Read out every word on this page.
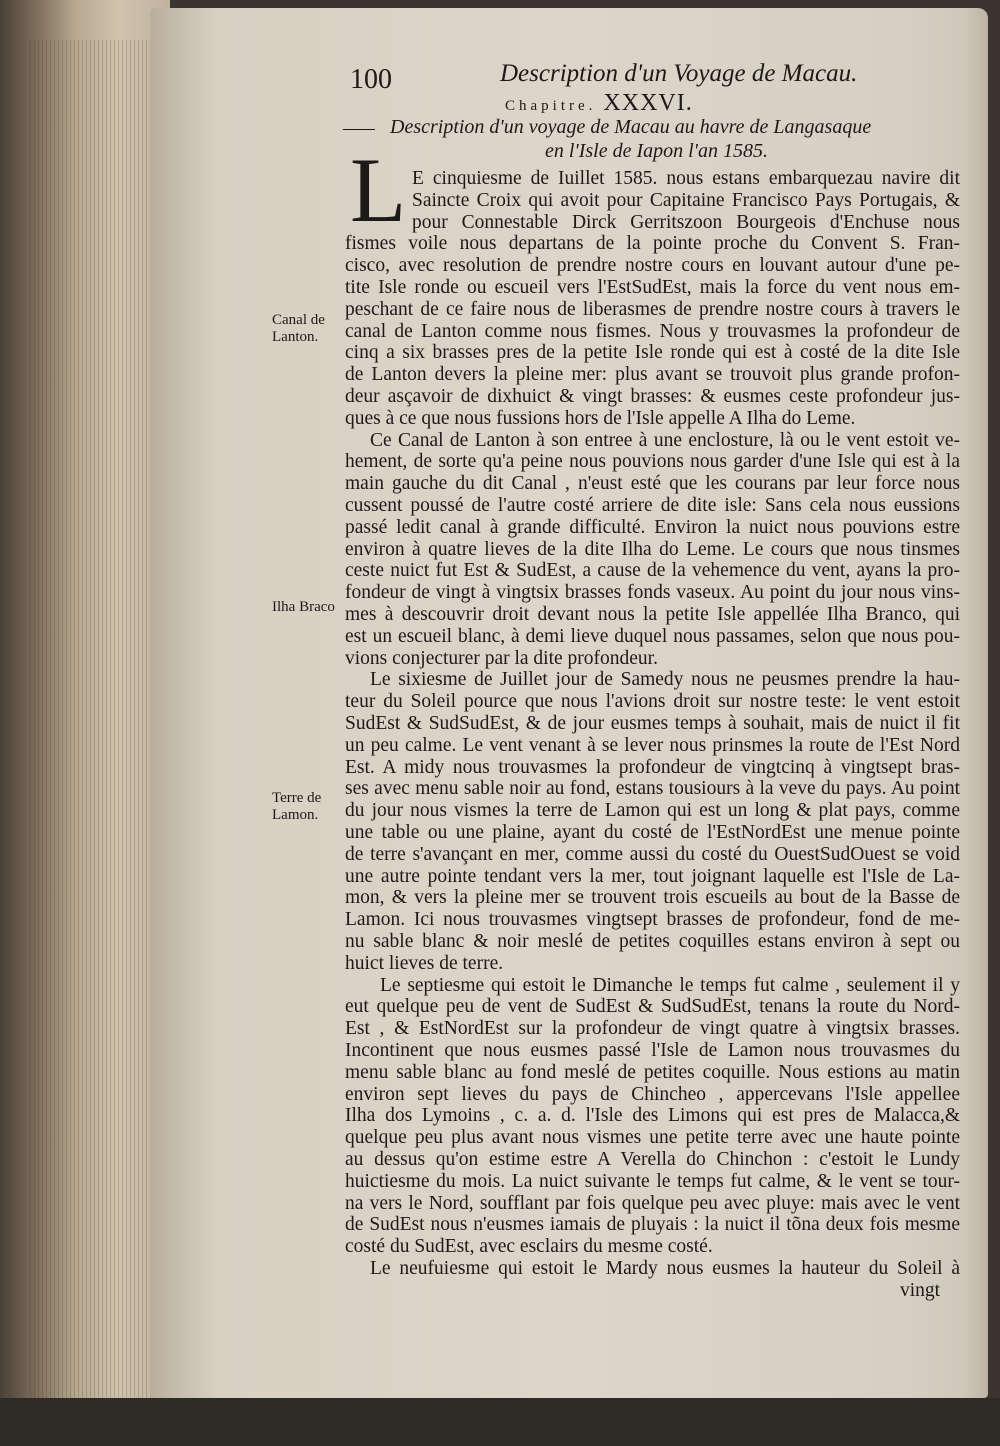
100	Description d'un Voyage de Macau.
Chapitre. XXXVI.
⸺ Description d'un voyage de Macau au havre de Langasaque
en l'Isle de Iapon l'an 1585.
L
Canal de
Lanton.
Ilha Braco
Terre de
Lamon.
E cinquiesme de Iuillet 1585. nous estans embarquezau navire dit
Saincte Croix qui avoit pour Capitaine Francisco Pays Portugais, &
pour Connestable Dirck Gerritszoon Bourgeois d'Enchuse nous
fismes voile nous departans de la pointe proche du Convent S. Fran-
cisco, avec resolution de prendre nostre cours en louvant autour d'une pe-
tite Isle ronde ou escueil vers l'EstSudEst, mais la force du vent nous em-
peschant de ce faire nous de liberasmes de prendre nostre cours à travers le
canal de Lanton comme nous fismes. Nous y trouvasmes la profondeur de
cinq a six brasses pres de la petite Isle ronde qui est à costé de la dite Isle
de Lanton devers la pleine mer: plus avant se trouvoit plus grande profon-
deur asçavoir de dixhuict & vingt brasses: & eusmes ceste profondeur jus-
ques à ce que nous fussions hors de l'Isle appelle A Ilha do Leme.
Ce Canal de Lanton à son entree à une enclosture, là ou le vent estoit ve-
hement, de sorte qu'a peine nous pouvions nous garder d'une Isle qui est à la
main gauche du dit Canal , n'eust esté que les courans par leur force nous
cussent poussé de l'autre costé arriere de dite isle: Sans cela nous eussions
passé ledit canal à grande difficulté. Environ la nuict nous pouvions estre
environ à quatre lieves de la dite Ilha do Leme. Le cours que nous tinsmes
ceste nuict fut Est & SudEst, a cause de la vehemence du vent, ayans la pro-
fondeur de vingt à vingtsix brasses fonds vaseux. Au point du jour nous vins-
mes à descouvrir droit devant nous la petite Isle appellée Ilha Branco, qui
est un escueil blanc, à demi lieve duquel nous passames, selon que nous pou-
vions conjecturer par la dite profondeur.
Le sixiesme de Juillet jour de Samedy nous ne peusmes prendre la hau-
teur du Soleil pource que nous l'avions droit sur nostre teste: le vent estoit
SudEst & SudSudEst, & de jour eusmes temps à souhait, mais de nuict il fit
un peu calme. Le vent venant à se lever nous prinsmes la route de l'Est Nord
Est. A midy nous trouvasmes la profondeur de vingtcinq à vingtsept bras-
ses avec menu sable noir au fond, estans tousiours à la veve du pays. Au point
du jour nous vismes la terre de Lamon qui est un long & plat pays, comme
une table ou une plaine, ayant du costé de l'EstNordEst une menue pointe
de terre s'avançant en mer, comme aussi du costé du OuestSudOuest se void
une autre pointe tendant vers la mer, tout joignant laquelle est l'Isle de La-
mon, & vers la pleine mer se trouvent trois escueils au bout de la Basse de
Lamon. Ici nous trouvasmes vingtsept brasses de profondeur, fond de me-
nu sable blanc & noir meslé de petites coquilles estans environ à sept ou
huict lieves de terre.
Le septiesme qui estoit le Dimanche le temps fut calme , seulement il y
eut quelque peu de vent de SudEst & SudSudEst, tenans la route du Nord-
Est , & EstNordEst sur la profondeur de vingt quatre à vingtsix brasses.
Incontinent que nous eusmes passé l'Isle de Lamon nous trouvasmes du
menu sable blanc au fond meslé de petites coquille. Nous estions au matin
environ sept lieves du pays de Chincheo , appercevans l'Isle appellee
Ilha dos Lymoins , c. a. d. l'Isle des Limons qui est pres de Malacca,&
quelque peu plus avant nous vismes une petite terre avec une haute pointe
au dessus qu'on estime estre A Verella do Chinchon : c'estoit le Lundy
huictiesme du mois. La nuict suivante le temps fut calme, & le vent se tour-
na vers le Nord, soufflant par fois quelque peu avec pluye: mais avec le vent
de SudEst nous n'eusmes iamais de pluyais : la nuict il tõna deux fois mesme
costé du SudEst, avec esclairs du mesme costé.
Le neufuiesme qui estoit le Mardy nous eusmes la hauteur du Soleil à
vingt
